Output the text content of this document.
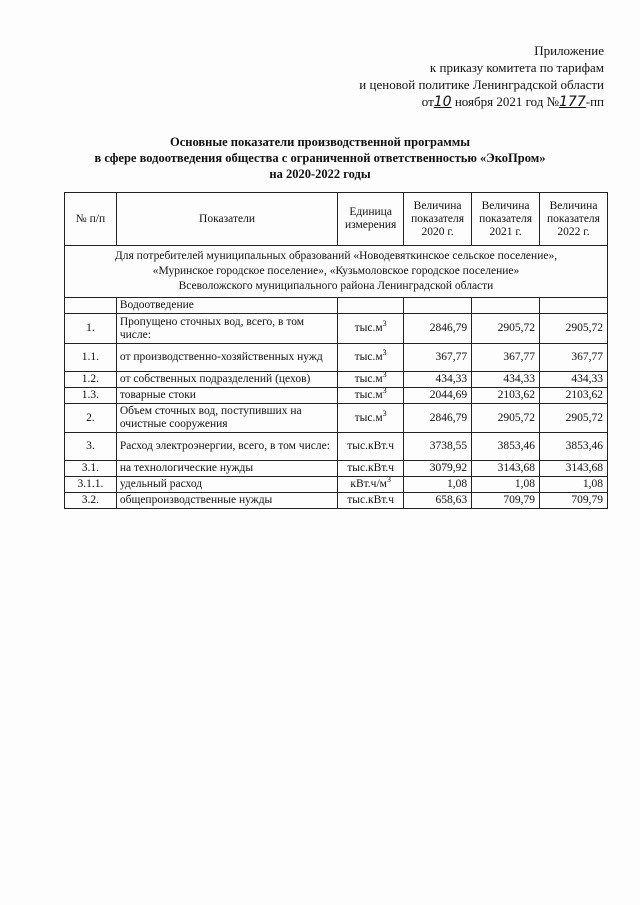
Приложение
к приказу комитета по тарифам
и ценовой политике Ленинградской области
от10 ноября 2021 год №177-пп
Основные показатели производственной программы
в сфере водоотведения общества с ограниченной ответственностью «ЭкоПром»
на 2020-2022 годы
№ п/п	Показатели	Единица измерения	Величина показателя 2020 г.	Величина показателя 2021 г.	Величина показателя 2022 г.

Для потребителей муниципальных образований «Новодевяткинское сельское поселение»,
«Муринское городское поселение», «Кузьмоловское городское поселение»
Всеволожского муниципального района Ленинградской области					

	Водоотведение				
1.	Пропущено сточных вод, всего, в том числе:	$тыс.м^3$	2846,79	2905,72	2905,72
1.1.	от производственно-хозяйственных нужд	$тыс.м^3$	367,77	367,77	367,77
1.2.	от собственных подразделений (цехов)	$тыс.м^3$	434,33	434,33	434,33
1.3.	товарные стоки	$тыс.м^3$	2044,69	2103,62	2103,62
2.	Объем сточных вод, поступивших на очистные сооружения	$тыс.м^3$	2846,79	2905,72	2905,72
3.	Расход электроэнергии, всего, в том числе:	тыс.кВт.ч	3738,55	3853,46	3853,46
3.1.	на технологические нужды	тыс.кВт.ч	3079,92	3143,68	3143,68
3.1.1.	удельный расход	$кВт.ч/м^3$	1,08	1,08	1,08
3.2.	общепроизводственные нужды	тыс.кВт.ч	658,63	709,79	709,79
